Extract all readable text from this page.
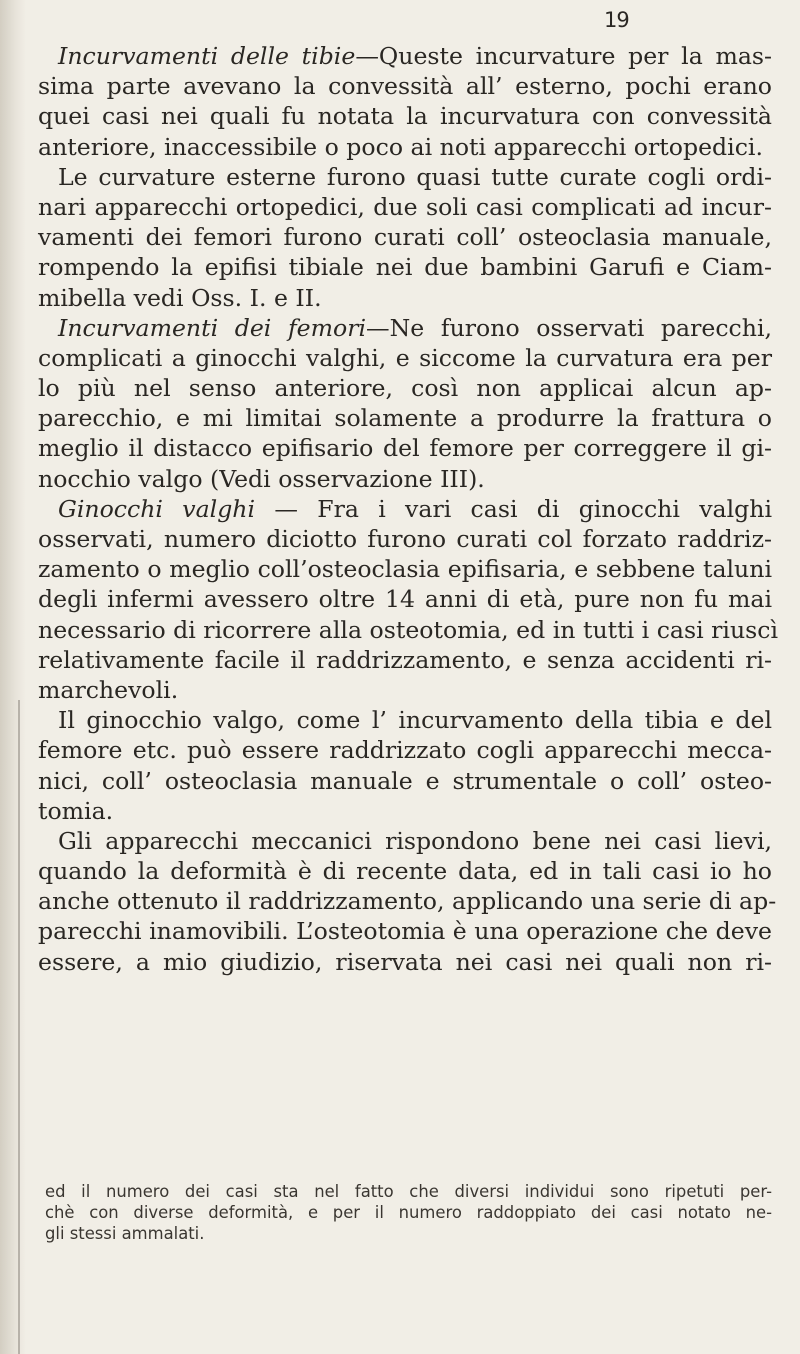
19
Incurvamenti delle tibie—Queste incurvature per la mas-
sima parte avevano la convessità all’ esterno, pochi erano
quei casi nei quali fu notata la incurvatura con convessità
anteriore, inaccessibile o poco ai noti apparecchi ortopedici.
Le curvature esterne furono quasi tutte curate cogli ordi-
nari apparecchi ortopedici, due soli casi complicati ad incur-
vamenti dei femori furono curati coll’ osteoclasia manuale,
rompendo la epifisi tibiale nei due bambini Garufi e Ciam-
mibella vedi Oss. I. e II.
Incurvamenti dei femori—Ne furono osservati parecchi,
complicati a ginocchi valghi, e siccome la curvatura era per
lo più nel senso anteriore, così non applicai alcun ap-
parecchio, e mi limitai solamente a produrre la frattura o
meglio il distacco epifisario del femore per correggere il gi-
nocchio valgo (Vedi osservazione III).
Ginocchi valghi — Fra i vari casi di ginocchi valghi
osservati, numero diciotto furono curati col forzato raddriz-
zamento o meglio coll’osteoclasia epifisaria, e sebbene taluni
degli infermi avessero oltre 14 anni di età, pure non fu mai
necessario di ricorrere alla osteotomia, ed in tutti i casi riuscì
relativamente facile il raddrizzamento, e senza accidenti ri-
marchevoli.
Il ginocchio valgo, come l’ incurvamento della tibia e del
femore etc. può essere raddrizzato cogli apparecchi mecca-
nici, coll’ osteoclasia manuale e strumentale o coll’ osteo-
tomia.
Gli apparecchi meccanici rispondono bene nei casi lievi,
quando la deformità è di recente data, ed in tali casi io ho
anche ottenuto il raddrizzamento, applicando una serie di ap-
parecchi inamovibili. L’osteotomia è una operazione che deve
essere, a mio giudizio, riservata nei casi nei quali non ri-
ed il numero dei casi sta nel fatto che diversi individui sono ripetuti per-
chè con diverse deformità, e per il numero raddoppiato dei casi notato ne-
gli stessi ammalati.
